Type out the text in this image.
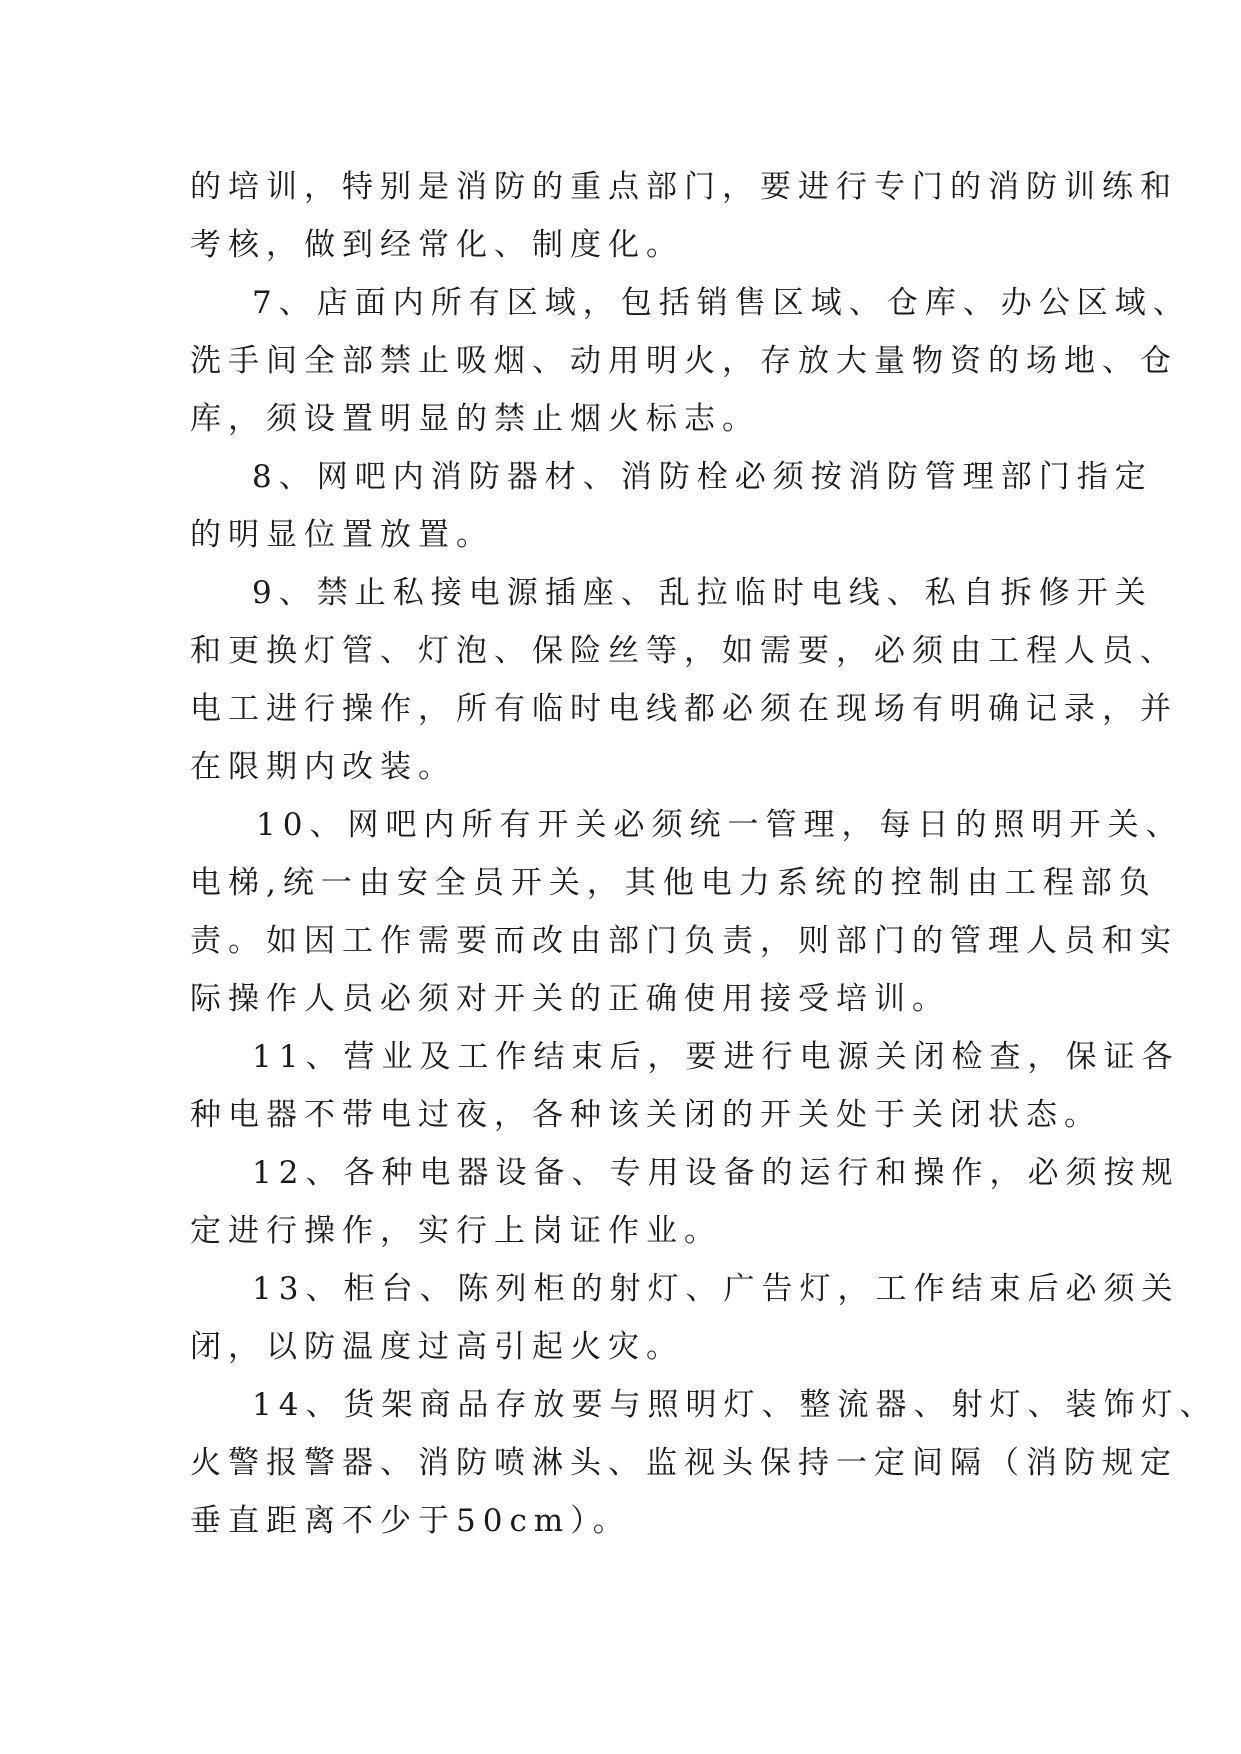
的培训，特别是消防的重点部门，要进行专门的消防训练和
考核，做到经常化、制度化。

7、店面内所有区域，包括销售区域、仓库、办公区域、
洗手间全部禁止吸烟、动用明火，存放大量物资的场地、仓
库，须设置明显的禁止烟火标志。

8、网吧内消防器材、消防栓必须按消防管理部门指定
的明显位置放置。

9、禁止私接电源插座、乱拉临时电线、私自拆修开关
和更换灯管、灯泡、保险丝等，如需要，必须由工程人员、
电工进行操作，所有临时电线都必须在现场有明确记录，并
在限期内改装。

10、网吧内所有开关必须统一管理，每日的照明开关、
电梯,统一由安全员开关，其他电力系统的控制由工程部负
责。如因工作需要而改由部门负责，则部门的管理人员和实
际操作人员必须对开关的正确使用接受培训。

11、营业及工作结束后，要进行电源关闭检查，保证各
种电器不带电过夜，各种该关闭的开关处于关闭状态。

12、各种电器设备、专用设备的运行和操作，必须按规
定进行操作，实行上岗证作业。

13、柜台、陈列柜的射灯、广告灯，工作结束后必须关
闭，以防温度过高引起火灾。

14、货架商品存放要与照明灯、整流器、射灯、装饰灯、
火警报警器、消防喷淋头、监视头保持一定间隔（消防规定
垂直距离不少于50cm）。
